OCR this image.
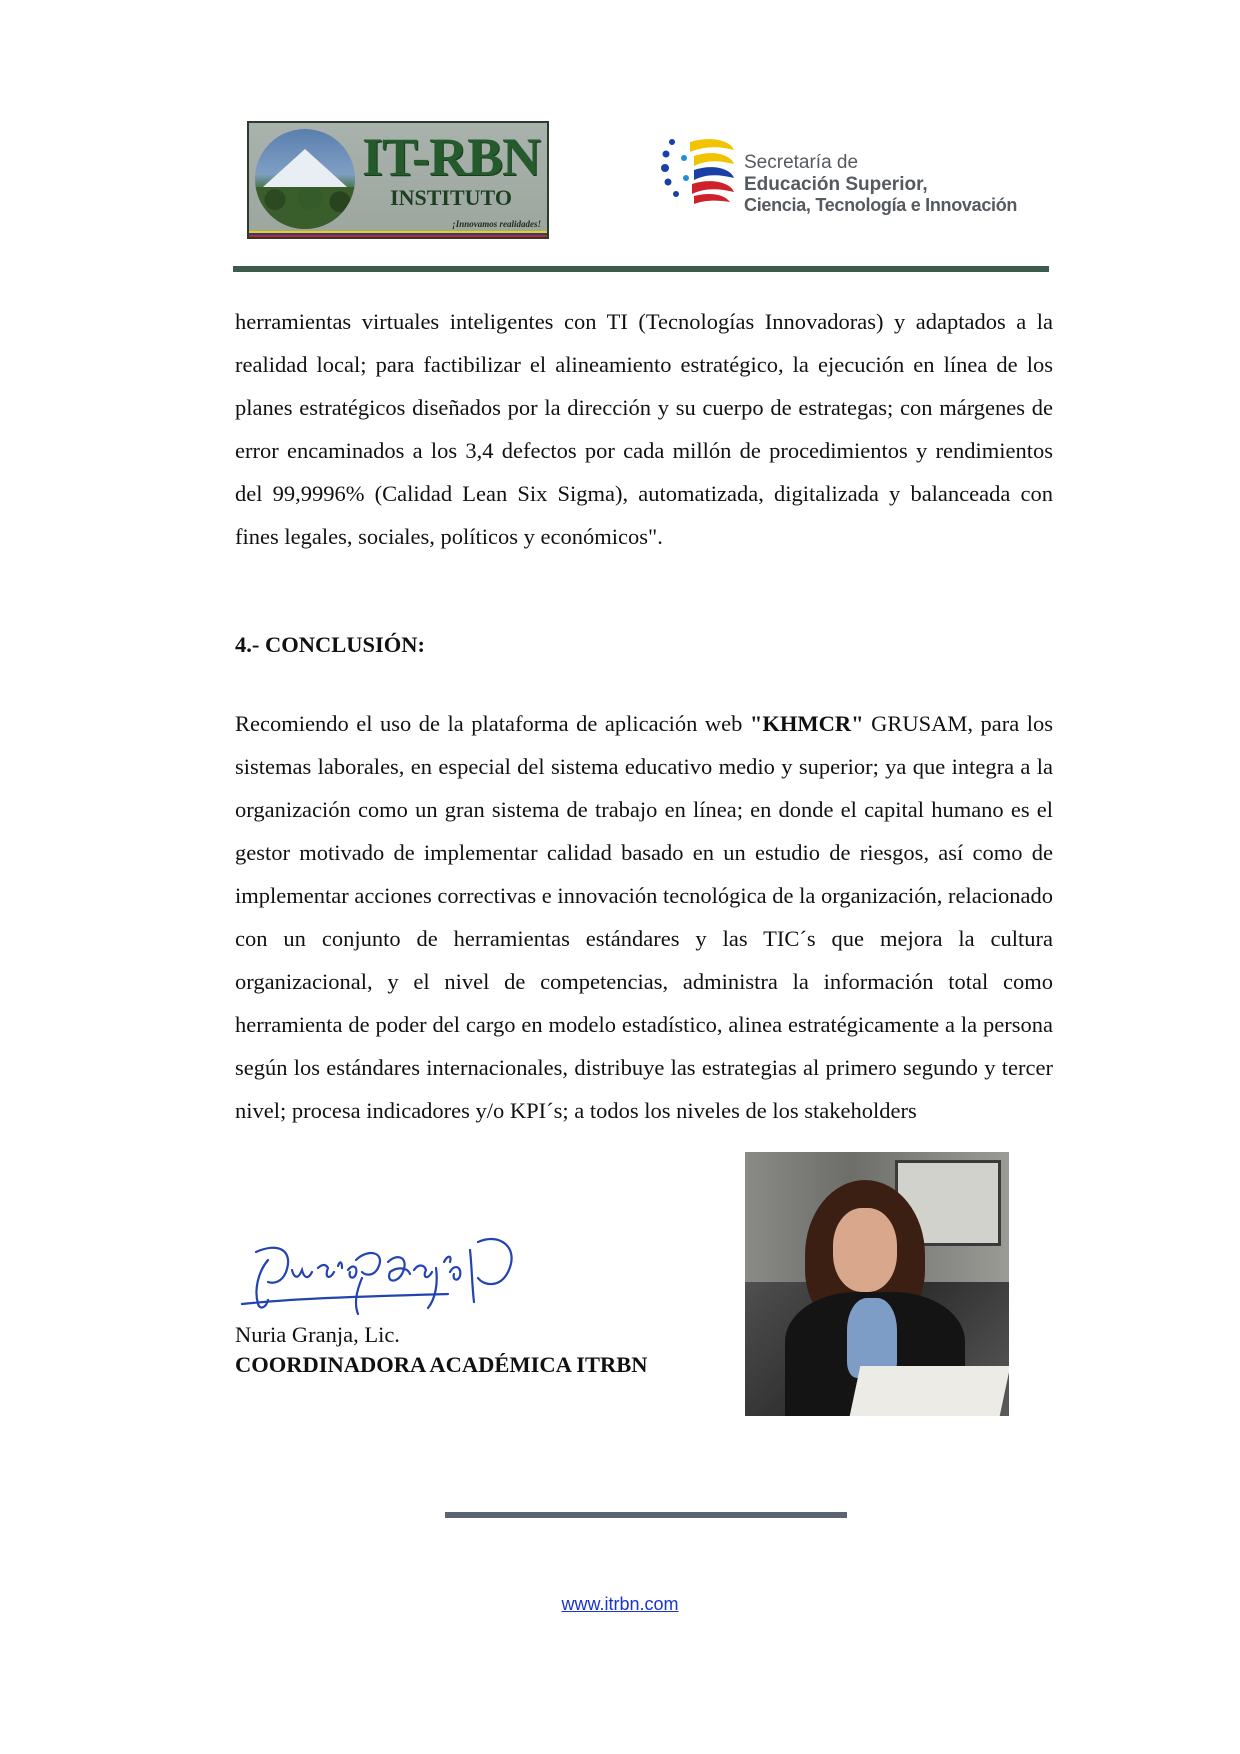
IT-RBN
INSTITUTO
¡Innovamos realidades!
Secretaría de
Educación Superior,
Ciencia, Tecnología e Innovación

herramientas virtuales inteligentes con TI (Tecnologías Innovadoras) y adaptados a la realidad local; para factibilizar el alineamiento estratégico, la ejecución en línea de los planes estratégicos diseñados por la dirección y su cuerpo de estrategas; con márgenes de error encaminados a los 3,4 defectos por cada millón de procedimientos y rendimientos del 99,9996% (Calidad Lean Six Sigma), automatizada, digitalizada y balanceada con fines legales, sociales, políticos y económicos".

4.- CONCLUSIÓN:

Recomiendo el uso de la plataforma de aplicación web "KHMCR" GRUSAM, para los sistemas laborales, en especial del sistema educativo medio y superior; ya que integra a la organización como un gran sistema de trabajo en línea; en donde el capital humano es el gestor motivado de implementar calidad basado en un estudio de riesgos, así como de implementar acciones correctivas e innovación tecnológica de la organización, relacionado con un conjunto de herramientas estándares y las TIC´s que mejora la cultura organizacional, y el nivel de competencias, administra la información total como herramienta de poder del cargo en modelo estadístico, alinea estratégicamente a la persona según los estándares internacionales, distribuye las estrategias al primero segundo y tercer nivel; procesa indicadores y/o KPI´s; a todos los niveles de los stakeholders

Nuria Granja, Lic.
COORDINADORA ACADÉMICA ITRBN
www.itrbn.com
